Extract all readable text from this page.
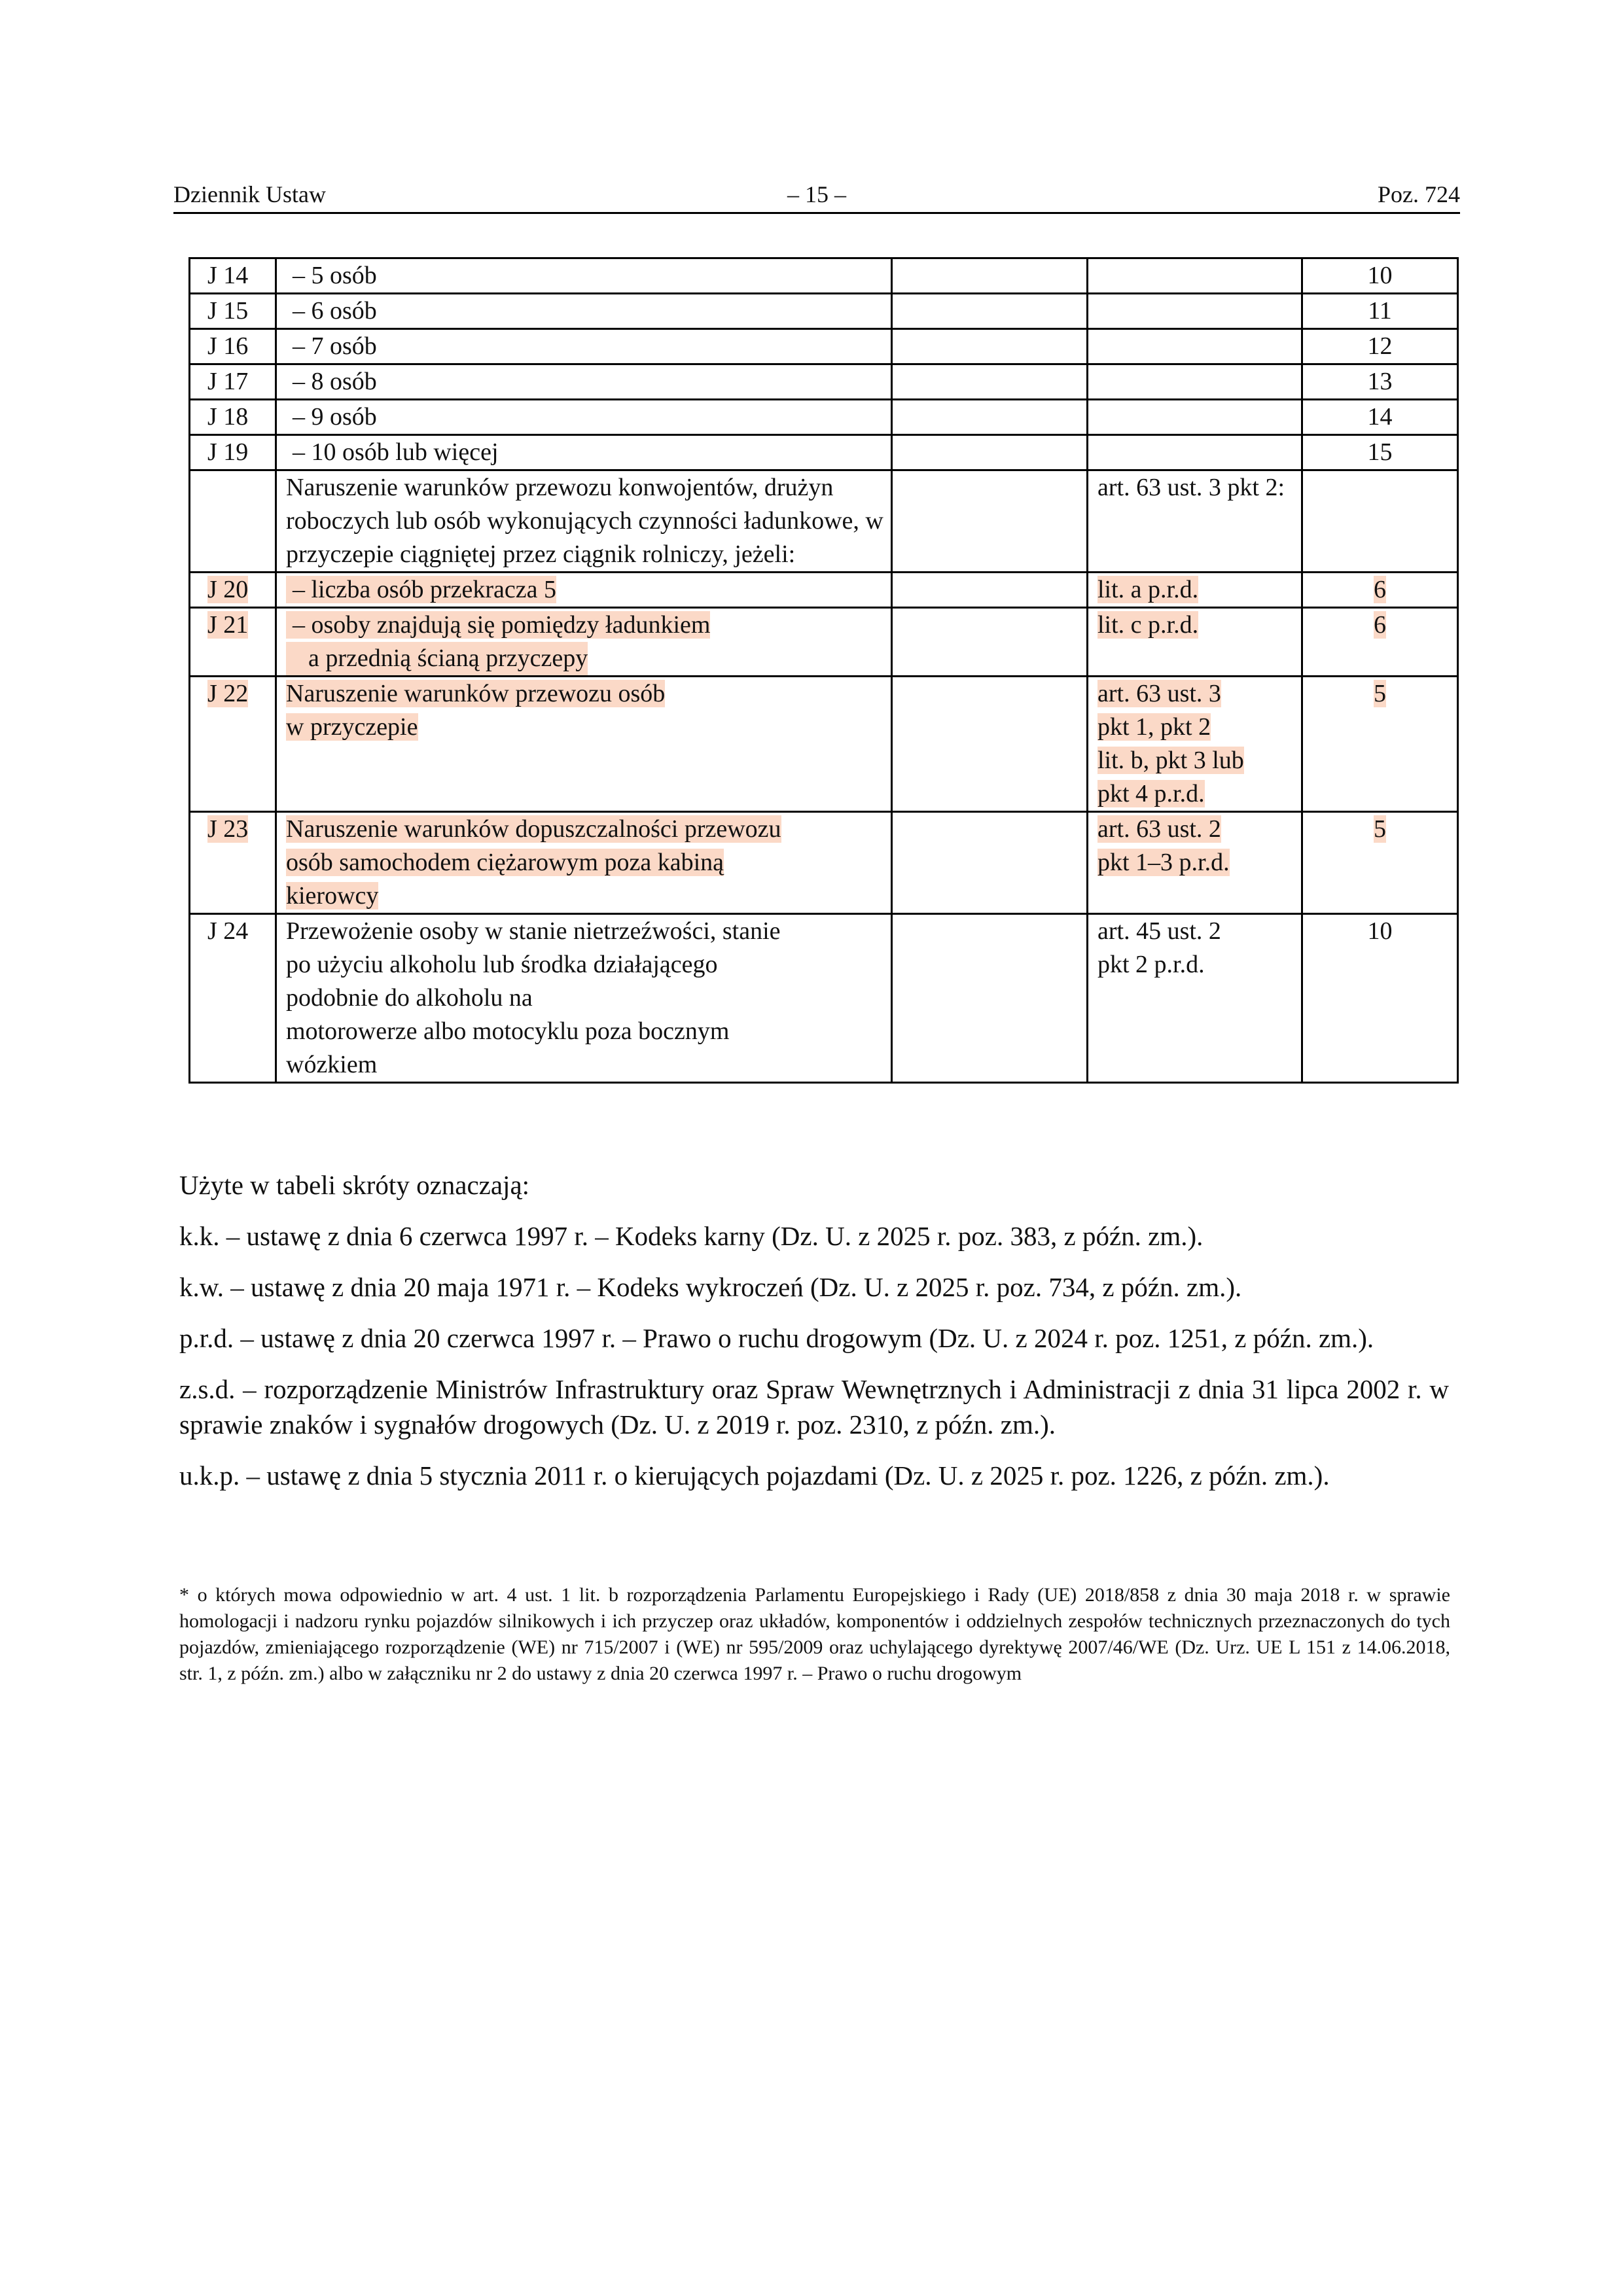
Dziennik Ustaw	– 15 –	Poz. 724
J 14	– 5 osób			10
J 15	– 6 osób			11
J 16	– 7 osób			12
J 17	– 8 osób			13
J 18	– 9 osób			14
J 19	– 10 osób lub więcej			15
	Naruszenie warunków przewozu konwojentów, drużyn roboczych lub osób wykonujących czynności ładunkowe, w przyczepie ciągniętej przez ciągnik rolniczy, jeżeli:		art. 63 ust. 3 pkt 2:	
J 20	– liczba osób przekracza 5		lit. a p.r.d.	6
J 21	– osoby znajdują się pomiędzy ładunkiem
a przednią ścianą przyczepy		lit. c p.r.d.	6
J 22	Naruszenie warunków przewozu osób
w przyczepie		art. 63 ust. 3
pkt 1, pkt 2
lit. b, pkt 3 lub
pkt 4 p.r.d.	5
J 23	Naruszenie warunków dopuszczalności przewozu
osób samochodem ciężarowym poza kabiną
kierowcy		art. 63 ust. 2
pkt 1–3 p.r.d.	5
J 24	Przewożenie osoby w stanie nietrzeźwości, stanie
po użyciu alkoholu lub środka działającego
podobnie do alkoholu na
motorowerze albo motocyklu poza bocznym
wózkiem		art. 45 ust. 2
pkt 2 p.r.d.	10

Użyte w tabeli skróty oznaczają:

k.k. – ustawę z dnia 6 czerwca 1997 r. – Kodeks karny (Dz. U. z 2025 r. poz. 383, z późn. zm.).

k.w. – ustawę z dnia 20 maja 1971 r. – Kodeks wykroczeń (Dz. U. z 2025 r. poz. 734, z późn. zm.).

p.r.d. – ustawę z dnia 20 czerwca 1997 r. – Prawo o ruchu drogowym (Dz. U. z 2024 r. poz. 1251, z późn. zm.).

z.s.d. – rozporządzenie Ministrów Infrastruktury oraz Spraw Wewnętrznych i Administracji z dnia 31 lipca 2002 r. w sprawie znaków i sygnałów drogowych (Dz. U. z 2019 r. poz. 2310, z późn. zm.).

u.k.p. – ustawę z dnia 5 stycznia 2011 r. o kierujących pojazdami (Dz. U. z 2025 r. poz. 1226, z późn. zm.).

* o których mowa odpowiednio w art. 4 ust. 1 lit. b rozporządzenia Parlamentu Europejskiego i Rady (UE) 2018/858 z dnia 30 maja 2018 r. w sprawie homologacji i nadzoru rynku pojazdów silnikowych i ich przyczep oraz układów, komponentów i oddzielnych zespołów technicznych przeznaczonych do tych pojazdów, zmieniającego rozporządzenie (WE) nr 715/2007 i (WE) nr 595/2009 oraz uchylającego dyrektywę 2007/46/WE (Dz. Urz. UE L 151 z 14.06.2018, str. 1, z późn. zm.) albo w załączniku nr 2 do ustawy z dnia 20 czerwca 1997 r. – Prawo o ruchu drogowym
